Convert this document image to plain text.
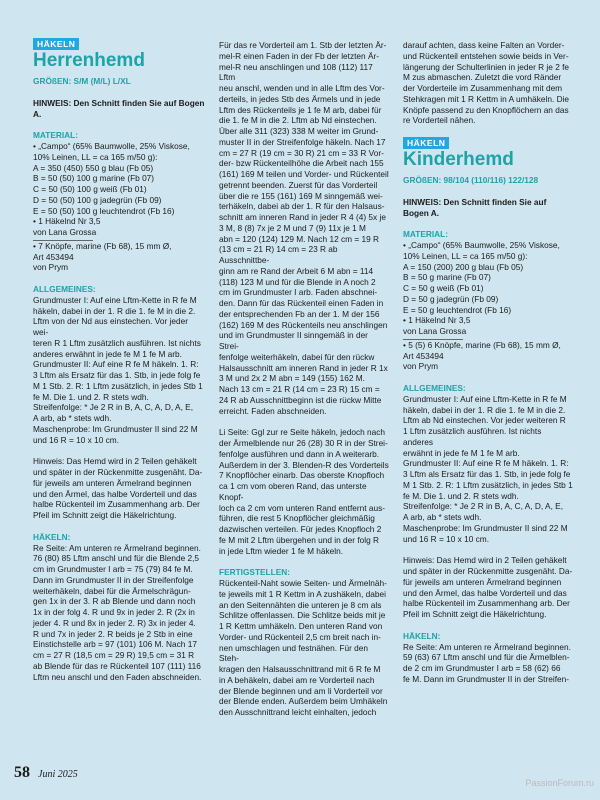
HÄKELN
Herrenhemd

GRÖßEN: S/M (M/L) L/XL

HINWEIS: Den Schnitt finden Sie auf Bogen A.

MATERIAL:

• „Campo“ (65% Baumwolle, 25% Viskose,

10% Leinen, LL = ca 165 m/50 g):

A = 350 (450) 550 g blau (Fb 05)

B = 50 (50) 100 g marine (Fb 07)

C = 50 (50) 100 g weiß (Fb 01)

D = 50 (50) 100 g jadegrün (Fb 09)

E = 50 (50) 100 g leuchtendrot (Fb 16)

• 1 Häkelnd Nr 3,5

von Lana Grossa

• 7 Knöpfe, marine (Fb 68), 15 mm Ø,

Art 453494

von Prym

ALLGEMEINES:

Grundmuster I: Auf eine Lftm-Kette in R fe M

häkeln, dabei in der 1. R die 1. fe M in die 2.

Lftm von der Nd aus einstechen. Vor jeder wei-

teren R 1 Lftm zusätzlich ausführen. Ist nichts

anderes erwähnt in jede fe M 1 fe M arb.

Grundmuster II: Auf eine R fe M häkeln. 1. R:

3 Lftm als Ersatz für das 1. Stb, in jede folg fe

M 1 Stb. 2. R: 1 Lftm zusätzlich, in jedes Stb 1

fe M. Die 1. und 2. R stets wdh.

Streifenfolge: * Je 2 R in B, A, C, A, D, A, E,

A arb, ab * stets wdh.

Maschenprobe: Im Grundmuster II sind 22 M

und 16 R = 10 x 10 cm.

Hinweis: Das Hemd wird in 2 Teilen gehäkelt

und später in der Rückenmitte zusgenäht. Da-

für jeweils am unteren Ärmelrand beginnen

und den Ärmel, das halbe Vorderteil und das

halbe Rückenteil im Zusammenhang arb. Der

Pfeil im Schnitt zeigt die Häkelrichtung.

HÄKELN:

Re Seite: Am unteren re Ärmelrand beginnen.

76 (80) 85 Lftm anschl und für die Blende 2,5

cm im Grundmuster I arb = 75 (79) 84 fe M.

Dann im Grundmuster II in der Streifenfolge

weiterhäkeln, dabei für die Ärmelschrägun-

gen 1x in der 3. R ab Blende und dann noch

1x in der folg 4. R und 9x in jeder 2. R (2x in

jeder 4. R und 8x in jeder 2. R) 3x in jeder 4.

R und 7x in jeder 2. R beids je 2 Stb in eine

Einstichstelle arb = 97 (101) 106 M. Nach 17

cm = 27 R (18,5 cm = 29 R) 19,5 cm = 31 R

ab Blende für das re Rückenteil 107 (111) 116

Lftm neu anschl und den Faden abschneiden.

Für das re Vorderteil am 1. Stb der letzten Är-

mel-R einen Faden in der Fb der letzten Är-

mel-R neu anschlingen und 108 (112) 117 Lftm

neu anschl, wenden und in alle Lftm des Vor-

derteils, in jedes Stb des Ärmels und in jede

Lftm des Rückenteils je 1 fe M arb, dabei für

die 1. fe M in die 2. Lftm ab Nd einstechen.

Über alle 311 (323) 338 M weiter im Grund-

muster II in der Streifenfolge häkeln. Nach 17

cm = 27 R (19 cm = 30 R) 21 cm = 33 R Vor-

der- bzw Rückenteilhöhe die Arbeit nach 155

(161) 169 M teilen und Vorder- und Rückenteil

getrennt beenden. Zuerst für das Vorderteil

über die re 155 (161) 169 M sinngemäß wei-

terhäkeln, dabei ab der 1. R für den Halsaus-

schnitt am inneren Rand in jeder R 4 (4) 5x je

3 M, 8 (8) 7x je 2 M und 7 (9) 11x je 1 M

abn = 120 (124) 129 M. Nach 12 cm = 19 R

(13 cm = 21 R) 14 cm = 23 R ab Ausschnittbe-

ginn am re Rand der Arbeit 6 M abn = 114

(118) 123 M und für die Blende in A noch 2

cm im Grundmuster I arb. Faden abschnei-

den. Dann für das Rückenteil einen Faden in

der entsprechenden Fb an der 1. M der 156

(162) 169 M des Rückenteils neu anschlingen

und im Grundmuster II sinngemäß in der Strei-

fenfolge weiterhäkeln, dabei für den rückw

Halsausschnitt am inneren Rand in jeder R 1x

3 M und 2x 2 M abn = 149 (155) 162 M.

Nach 13 cm = 21 R (14 cm = 23 R) 15 cm =

24 R ab Ausschnittbeginn ist die rückw Mitte

erreicht. Faden abschneiden.

Li Seite: Ggl zur re Seite häkeln, jedoch nach

der Ärmelblende nur 26 (28) 30 R in der Strei-

fenfolge ausführen und dann in A weiterarb.

Außerdem in der 3. Blenden-R des Vorderteils

7 Knopflöcher einarb. Das oberste Knopfloch

ca 1 cm vom oberen Rand, das unterste Knopf-

loch ca 2 cm vom unteren Rand entfernt aus-

führen, die rest 5 Knopflöcher gleichmäßig

dazwischen verteilen. Für jedes Knopfloch 2

fe M mit 2 Lftm übergehen und in der folg R

in jede Lftm wieder 1 fe M häkeln.

FERTIGSTELLEN:

Rückenteil-Naht sowie Seiten- und Ärmelnäh-

te jeweils mit 1 R Kettm in A zushäkeln, dabei

an den Seitennähten die unteren je 8 cm als

Schlitze offenlassen. Die Schlitze beids mit je

1 R Kettm umhäkeln. Den unteren Rand von

Vorder- und Rückenteil 2,5 cm breit nach in-

nen umschlagen und festnähen. Für den Steh-

kragen den Halsausschnittrand mit 6 R fe M

in A behäkeln, dabei am re Vorderteil nach

der Blende beginnen und am li Vorderteil vor

der Blende enden. Außerdem beim Umhäkeln

den Ausschnittrand leicht einhalten, jedoch

darauf achten, dass keine Falten an Vorder-

und Rückenteil entstehen sowie beids in Ver-

längerung der Schulterlinien in jeder R je 2 fe

M zus abmaschen. Zuletzt die vord Ränder

der Vorderteile im Zusammenhang mit dem

Stehkragen mit 1 R Kettm in A umhäkeln. Die

Knöpfe passend zu den Knopflöchern an das

re Vorderteil nähen.

HÄKELN
Kinderhemd

GRÖßEN: 98/104 (110/116) 122/128

HINWEIS: Den Schnitt finden Sie auf Bogen A.

MATERIAL:

• „Campo“ (65% Baumwolle, 25% Viskose,

10% Leinen, LL = ca 165 m/50 g):

A = 150 (200) 200 g blau (Fb 05)

B = 50 g marine (Fb 07)

C = 50 g weiß (Fb 01)

D = 50 g jadegrün (Fb 09)

E = 50 g leuchtendrot (Fb 16)

• 1 Häkelnd Nr 3,5

von Lana Grossa

• 5 (5) 6 Knöpfe, marine (Fb 68), 15 mm Ø,

Art 453494

von Prym

ALLGEMEINES:

Grundmuster I: Auf eine Lftm-Kette in R fe M

häkeln, dabei in der 1. R die 1. fe M in die 2.

Lftm ab Nd einstechen. Vor jeder weiteren R

1 Lftm zusätzlich ausführen. Ist nichts anderes

erwähnt in jede fe M 1 fe M arb.

Grundmuster II: Auf eine R fe M häkeln. 1. R:

3 Lftm als Ersatz für das 1. Stb, in jede folg fe

M 1 Stb. 2. R: 1 Lftm zusätzlich, in jedes Stb 1

fe M. Die 1. und 2. R stets wdh.

Streifenfolge: * Je 2 R in B, A, C, A, D, A, E,

A arb, ab * stets wdh.

Maschenprobe: Im Grundmuster II sind 22 M

und 16 R = 10 x 10 cm.

Hinweis: Das Hemd wird in 2 Teilen gehäkelt

und später in der Rückenmitte zusgenäht. Da-

für jeweils am unteren Ärmelrand beginnen

und den Ärmel, das halbe Vorderteil und das

halbe Rückenteil im Zusammenhang arb. Der

Pfeil im Schnitt zeigt die Häkelrichtung.

HÄKELN:

Re Seite: Am unteren re Ärmelrand beginnen.

59 (63) 67 Lftm anschl und für die Ärmelblen-

de 2 cm im Grundmuster I arb = 58 (62) 66

fe M. Dann im Grundmuster II in der Streifen-

58 Juni 2025
PassionForum.ru
